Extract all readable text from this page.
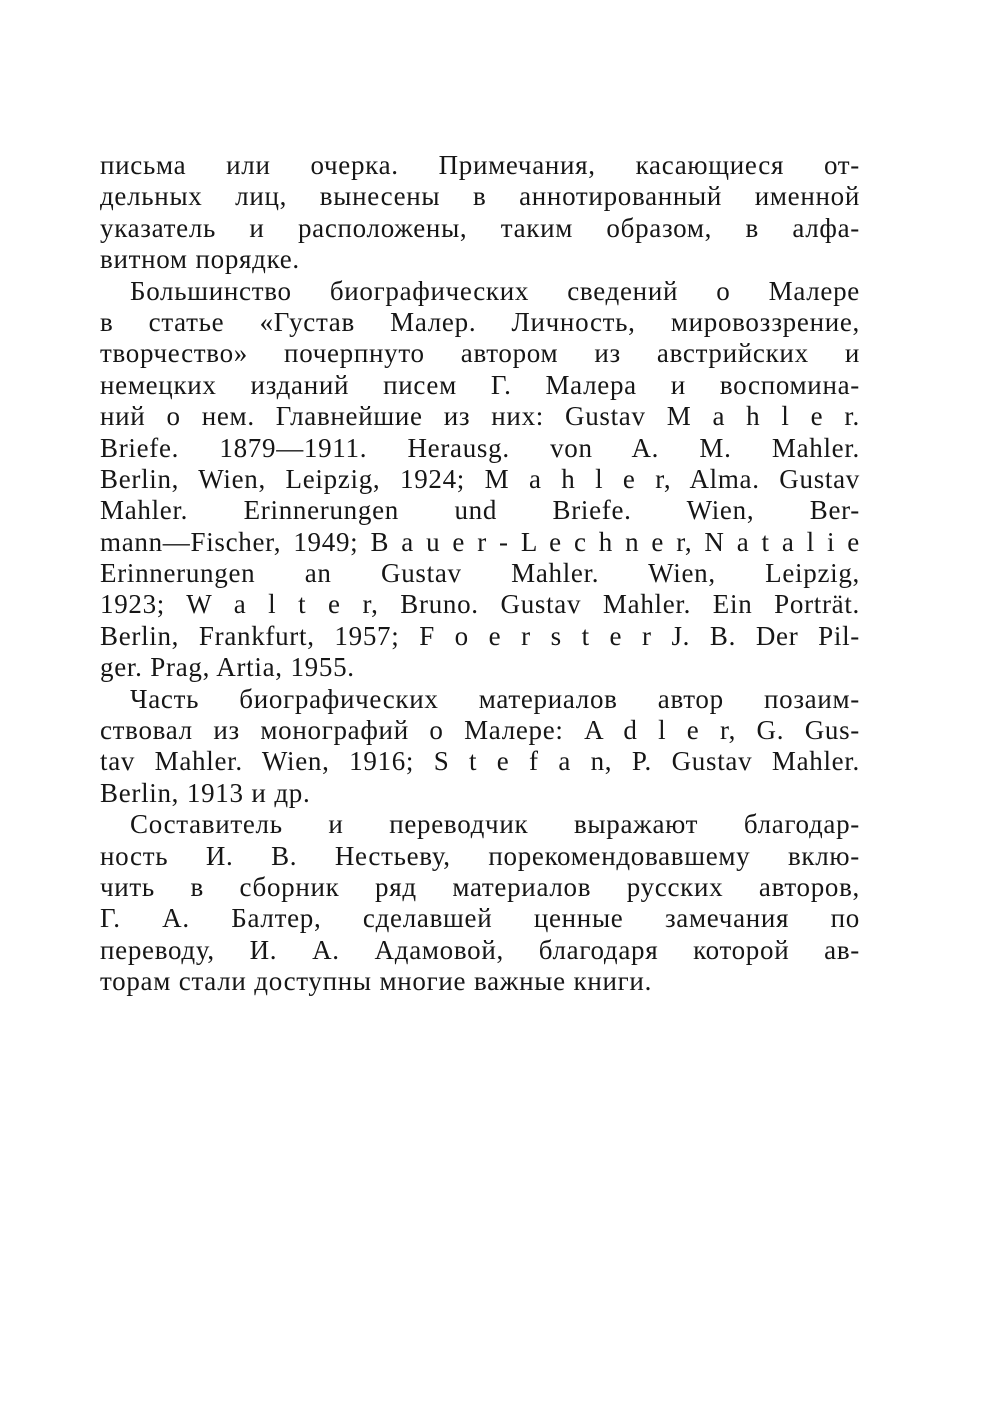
письма или очерка. Примечания, касающиеся от-
дельных лиц, вынесены в аннотированный именной
указатель и расположены, таким образом, в алфа-
витном порядке.
Большинство биографических сведений о Малере
в статье «Густав Малер. Личность, мировоззрение,
творчество» почерпнуто автором из австрийских и
немецких изданий писем Г. Малера и воспомина-
ний о нем. Главнейшие из них: Gustav M a h l e r.
Briefe. 1879—1911. Herausg. von A. M. Mahler.
Berlin, Wien, Leipzig, 1924; M a h l e r, Alma. Gustav
Mahler. Erinnerungen und Briefe. Wien, Ber-
mann—Fischer, 1949; B a u e r - L e c h n e r, N a t a l i e
Erinnerungen an Gustav Mahler. Wien, Leipzig,
1923; W a l t e r, Bruno. Gustav Mahler. Ein Porträt.
Berlin, Frankfurt, 1957; F o e r s t e r J. B. Der Pil-
ger. Prag, Artia, 1955.
Часть биографических материалов автор позаим-
ствовал из монографий о Малере: A d l e r, G. Gus-
tav Mahler. Wien, 1916; S t e f a n, P. Gustav Mahler.
Berlin, 1913 и др.
Составитель и переводчик выражают благодар-
ность И. В. Нестьеву, порекомендовавшему вклю-
чить в сборник ряд материалов русских авторов,
Г. А. Балтер, сделавшей ценные замечания по
переводу, И. А. Адамовой, благодаря которой ав-
торам стали доступны многие важные книги.
